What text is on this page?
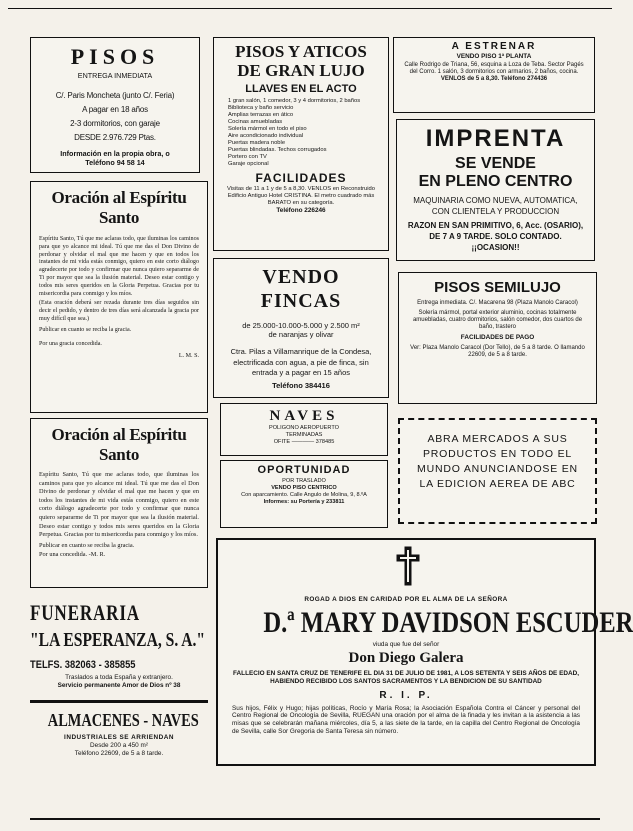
PISOS
ENTREGA INMEDIATA
C/. Paris Moncheta (junto C/. Feria)
A pagar en 18 años
2-3 dormitorios, con garaje
DESDE 2.976.729 Ptas.
Información en la propia obra, o
Teléfono 94 58 14
Oración al Espíritu Santo
Espíritu Santo, Tú que me aclaras todo, que iluminas los caminos para que yo alcance mi ideal. Tú que me das el Don Divino de perdonar y olvidar el mal que me hacen y que en todos los instantes de mi vida estás conmigo, quiero en este corto diálogo agradecerte por todo y confirmar que nunca quiero separarme de Ti por mayor que sea la ilusión material. Deseo estar contigo y todos mis seres queridos en la Gloria Perpetua. Gracias por tu misericordia para conmigo y los míos.
(Esta oración deberá ser rezada durante tres días seguidos sin decir el pedido, y dentro de tres días será alcanzada la gracia por muy difícil que sea.)
Publicar en cuanto se reciba la gracia.
Por una gracia concedida.
L. M. S.
Oración al Espíritu Santo
Espíritu Santo, Tú que me aclaras todo, que iluminas los caminos para que yo alcance mi ideal. Tú que me das el Don Divino de perdonar y olvidar el mal que me hacen y que en todos los instantes de mi vida estás conmigo, quiero en este corto diálogo agradecerte por todo y confirmar que nunca quiero separarme de Ti por mayor que sea la ilusión material. Deseo estar contigo y todos mis seres queridos en la Gloria Perpetua. Gracias por tu misericordia para conmigo y los míos.
Publicar en cuanto se reciba la gracia.
Por una concedida. -M. R.
FUNERARIA
"LA ESPERANZA, S. A."
TELFS. 382063 - 385855
Traslados a toda España y extranjero.
Servicio permanente Amor de Dios nº 38
ALMACENES - NAVES
INDUSTRIALES SE ARRIENDAN
Desde 200 a 450 m²
Teléfono 22609, de 5 a 8 tarde.
PISOS Y ATICOS
DE GRAN LUJO
LLAVES EN EL ACTO
1 gran salón, 1 comedor, 3 y 4 dormitorios, 2 baños
Biblioteca y baño servicio
Amplias terrazas en ático
Cocinas amuebladas
Solería mármol en todo el piso
Aire acondicionado individual
Puertas madera noble
Puertas blindadas. Techos corrugados
Portero con TV
Garaje opcional
FACILIDADES
Visitas de 11 a 1 y de 5 a 8,30. VENLOS en Reconstruido Edificio Antiguo Hotel CRISTINA. El metro cuadrado más BARATO en su categoría.
Teléfono 226246
VENDO FINCAS
de 25.000-10.000-5.000 y 2.500 m²
de naranjas y olivar
Ctra. Pilas a Villamanrique de la Condesa, electrificada con agua, a pie de finca, sin entrada y a pagar en 15 años
Teléfono 384416
NAVES
POLIGONO AEROPUERTO
TERMINADAS
OFITE ———— 378485
OPORTUNIDAD
POR TRASLADO
VENDO PISO CENTRICO
Con aparcamiento. Calle Angulo de Molina, 9, 8.ºA
Informes: su Portería y 233811
A ESTRENAR
VENDO PISO 1ª PLANTA
Calle Rodrigo de Triana, 56, esquina a Loza de Teba. Sector Pagés del Corro. 1 salón, 3 dormitorios con armarios, 2 baños, cocina.
VENLOS de 5 a 8,30. Teléfono 274436
IMPRENTA
SE VENDE
EN PLENO CENTRO
MAQUINARIA COMO NUEVA, AUTOMATICA, CON CLIENTELA Y PRODUCCION
RAZON EN SAN PRIMITIVO, 6, Acc. (OSARIO), DE 7 A 9 TARDE. SOLO CONTADO. ¡¡OCASION!!
PISOS SEMILUJO
Entrega inmediata. C/. Macarena 98 (Plaza Manolo Caracol)
Solería mármol, portal exterior aluminio, cocinas totalmente amuebladas, cuatro dormitorios, salón comedor, dos cuartos de baño, trastero
FACILIDADES DE PAGO
Ver: Plaza Manolo Caracol (Dor Tello), de 5 a 8 tarde. O llamando 22609, de 5 a 8 tarde.
ABRA MERCADOS A SUS PRODUCTOS EN TODO EL MUNDO ANUNCIANDOSE EN LA EDICION AEREA DE ABC
ROGAD A DIOS EN CARIDAD POR EL ALMA DE LA SEÑORA
D.ª MARY DAVIDSON ESCUDER
viuda que fue del señor
Don Diego Galera
FALLECIO EN SANTA CRUZ DE TENERIFE EL DIA 31 DE JULIO DE 1981, A LOS SETENTA Y SEIS AÑOS DE EDAD, HABIENDO RECIBIDO LOS SANTOS SACRAMENTOS Y LA BENDICION DE SU SANTIDAD
R. I. P.
Sus hijos, Félix y Hugo; hijas políticas, Rocío y María Rosa; la Asociación Española Contra el Cáncer y personal del Centro Regional de Oncología de Sevilla, RUEGAN una oración por el alma de la finada y les invitan a la asistencia a las misas que se celebrarán mañana miércoles, día 5, a las siete de la tarde, en la capilla del Centro Regional de Oncología de Sevilla, calle Sor Gregoria de Santa Teresa sin número.
